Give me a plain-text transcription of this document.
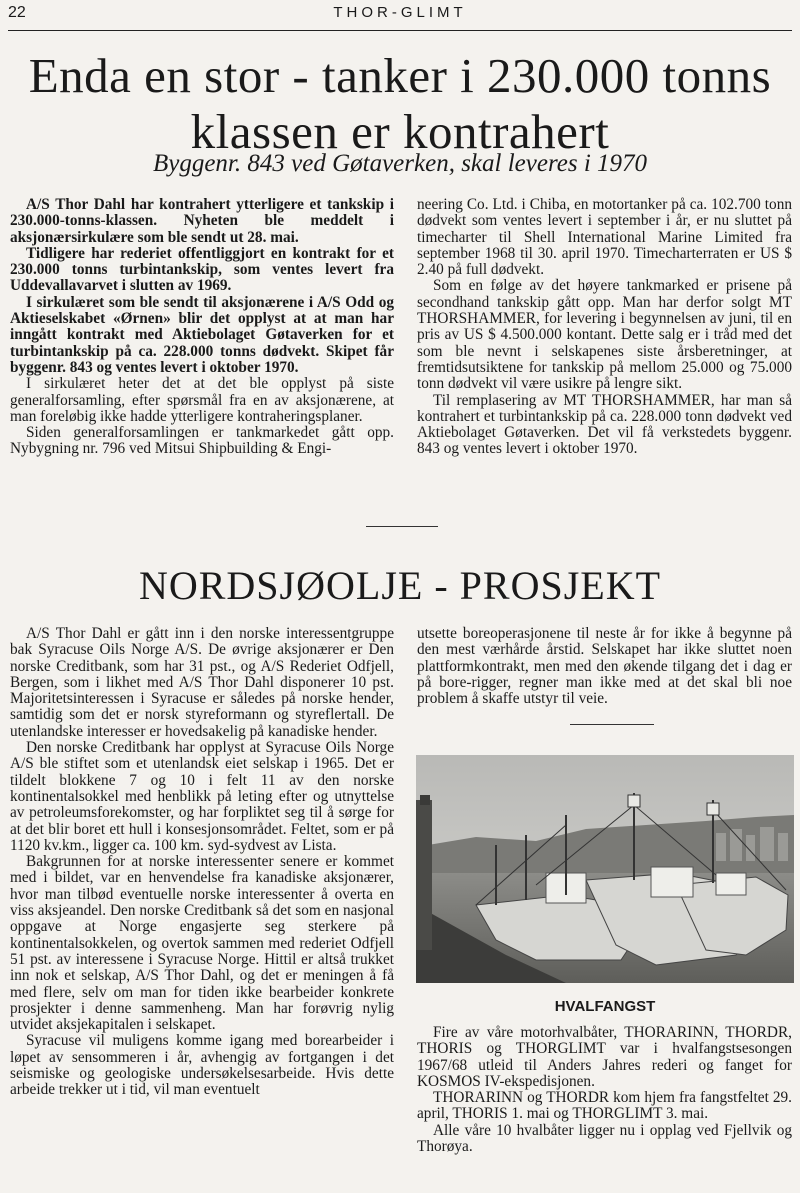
22	THOR-GLIMT
Enda en stor - tanker i 230.000 tonns
klassen er kontrahert
Byggenr. 843 ved Gøtaverken, skal leveres i 1970

A/S Thor Dahl har kontrahert ytterligere et tankskip i 230.000-tonns-klassen. Nyheten ble meddelt i aksjonærsirkulære som ble sendt ut 28. mai.

Tidligere har rederiet offentliggjort en kontrakt for et 230.000 tonns turbintankskip, som ventes levert fra Uddevallavarvet i slutten av 1969.

I sirkulæret som ble sendt til aksjonærene i A/S Odd og Aktieselskabet «Ørnen» blir det opplyst at at man har inngått kontrakt med Aktiebolaget Gøtaverken for et turbintankskip på ca. 228.000 tonns dødvekt. Skipet får byggenr. 843 og ventes levert i oktober 1970.

I sirkulæret heter det at det ble opplyst på siste generalforsamling, efter spørsmål fra en av aksjonærene, at man foreløbig ikke hadde ytterligere kontraheringsplaner.

Siden generalforsamlingen er tankmarkedet gått opp. Nybygning nr. 796 ved Mitsui Shipbuilding & Engi-

neering Co. Ltd. i Chiba, en motortanker på ca. 102.700 tonn dødvekt som ventes levert i september i år, er nu sluttet på timecharter til Shell International Marine Limited fra september 1968 til 30. april 1970. Timecharterraten er US $ 2.40 på full dødvekt.

Som en følge av det høyere tankmarked er prisene på secondhand tankskip gått opp. Man har derfor solgt MT THORSHAMMER, for levering i begynnelsen av juni, til en pris av US $ 4.500.000 kontant. Dette salg er i tråd med det som ble nevnt i selskapenes siste årsberetninger, at fremtidsutsiktene for tankskip på mellom 25.000 og 75.000 tonn dødvekt vil være usikre på lengre sikt.

Til remplasering av MT THORSHAMMER, har man så kontrahert et turbintankskip på ca. 228.000 tonn dødvekt ved Aktiebolaget Gøtaverken. Det vil få verkstedets byggenr. 843 og ventes levert i oktober 1970.

NORDSJØOLJE - PROSJEKT

A/S Thor Dahl er gått inn i den norske interessentgruppe bak Syracuse Oils Norge A/S. De øvrige aksjonærer er Den norske Creditbank, som har 31 pst., og A/S Rederiet Odfjell, Bergen, som i likhet med A/S Thor Dahl disponerer 10 pst. Majoritetsinteressen i Syracuse er således på norske hender, samtidig som det er norsk styreformann og styreflertall. De utenlandske interesser er hovedsakelig på kanadiske hender.

Den norske Creditbank har opplyst at Syracuse Oils Norge A/S ble stiftet som et utenlandsk eiet selskap i 1965. Det er tildelt blokkene 7 og 10 i felt 11 av den norske kontinentalsokkel med henblikk på leting efter og utnyttelse av petroleumsforekomster, og har forpliktet seg til å sørge for at det blir boret ett hull i konsesjonsområdet. Feltet, som er på 1120 kv.km., ligger ca. 100 km. syd-sydvest av Lista.

Bakgrunnen for at norske interessenter senere er kommet med i bildet, var en henvendelse fra kanadiske aksjonærer, hvor man tilbød eventuelle norske interessenter å overta en viss aksjeandel. Den norske Creditbank så det som en nasjonal oppgave at Norge engasjerte seg sterkere på kontinentalsokkelen, og overtok sammen med rederiet Odfjell 51 pst. av interessene i Syracuse Norge. Hittil er altså trukket inn nok et selskap, A/S Thor Dahl, og det er meningen å få med flere, selv om man for tiden ikke bearbeider konkrete prosjekter i denne sammenheng. Man har forøvrig nylig utvidet aksjekapitalen i selskapet.

Syracuse vil muligens komme igang med borearbeider i løpet av sensommeren i år, avhengig av fortgangen i det seismiske og geologiske undersøkelsesarbeide. Hvis dette arbeide trekker ut i tid, vil man eventuelt

utsette boreoperasjonene til neste år for ikke å begynne på den mest værhårde årstid. Selskapet har ikke sluttet noen plattformkontrakt, men med den økende tilgang det i dag er på bore-rigger, regner man ikke med at det skal bli noe problem å skaffe utstyr til veie.

HVALFANGST

Fire av våre motorhvalbåter, THORARINN, THORDR, THORIS og THORGLIMT var i hvalfangstsesongen 1967/68 utleid til Anders Jahres rederi og fanget for KOSMOS IV-ekspedisjonen.

THORARINN og THORDR kom hjem fra fangstfeltet 29. april, THORIS 1. mai og THORGLIMT 3. mai.

Alle våre 10 hvalbåter ligger nu i opplag ved Fjellvik og Thorøya.
